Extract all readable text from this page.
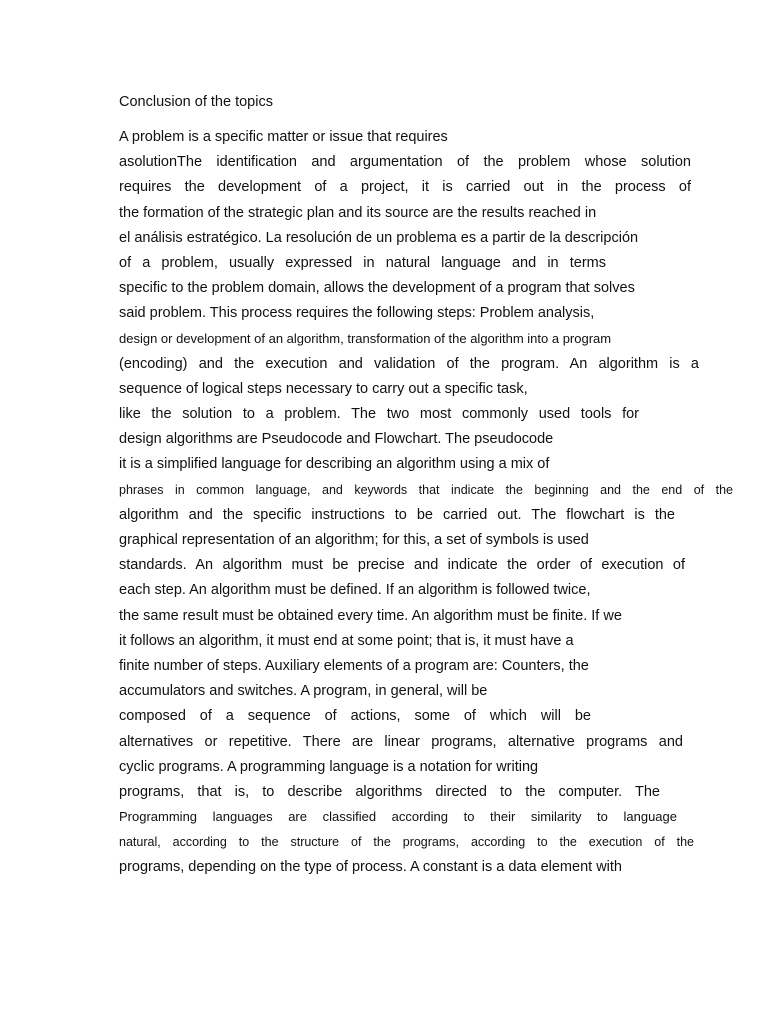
Conclusion of the topics
A problem is a specific matter or issue that requires
asolutionThe identification and argumentation of the problem whose solution
requires the development of a project, it is carried out in the process of
the formation of the strategic plan and its source are the results reached in
el análisis estratégico. La resolución de un problema es a partir de la descripción
of a problem, usually expressed in natural language and in terms
specific to the problem domain, allows the development of a program that solves
said problem. This process requires the following steps: Problem analysis,
design or development of an algorithm, transformation of the algorithm into a program
(encoding) and the execution and validation of the program. An algorithm is a
sequence of logical steps necessary to carry out a specific task,
like the solution to a problem. The two most commonly used tools for
design algorithms are Pseudocode and Flowchart. The pseudocode
it is a simplified language for describing an algorithm using a mix of
phrases in common language, and keywords that indicate the beginning and the end of the
algorithm and the specific instructions to be carried out. The flowchart is the
graphical representation of an algorithm; for this, a set of symbols is used
standards. An algorithm must be precise and indicate the order of execution of
each step. An algorithm must be defined. If an algorithm is followed twice,
the same result must be obtained every time. An algorithm must be finite. If we
it follows an algorithm, it must end at some point; that is, it must have a
finite number of steps. Auxiliary elements of a program are: Counters, the
accumulators and switches. A program, in general, will be
composed of a sequence of actions, some of which will be
alternatives or repetitive. There are linear programs, alternative programs and
cyclic programs. A programming language is a notation for writing
programs, that is, to describe algorithms directed to the computer. The
Programming languages are classified according to their similarity to language
natural, according to the structure of the programs, according to the execution of the
programs, depending on the type of process. A constant is a data element with
